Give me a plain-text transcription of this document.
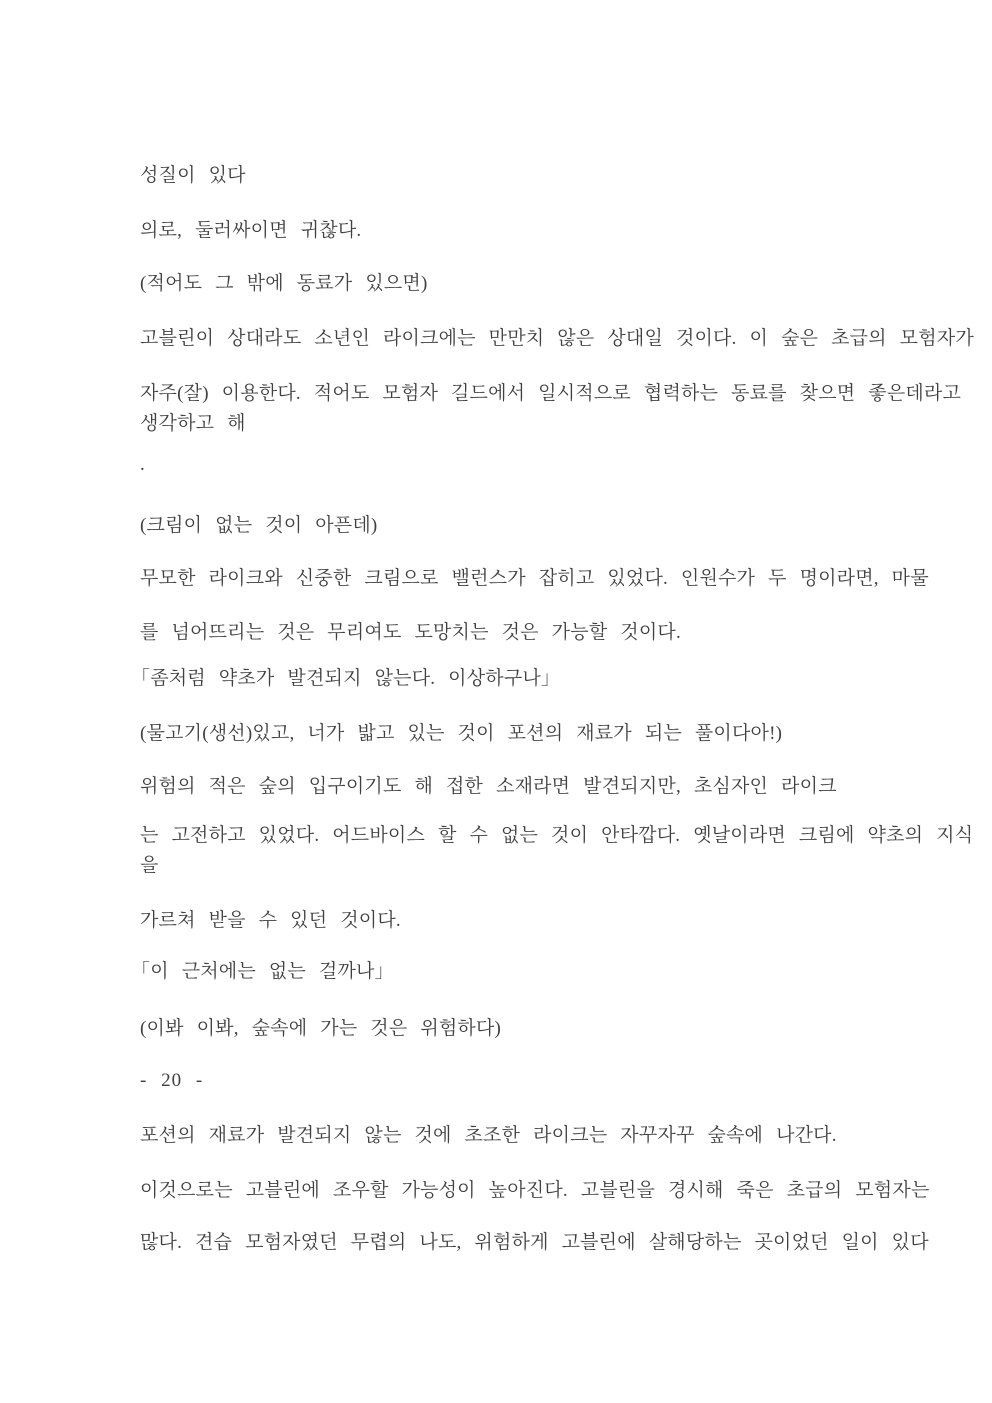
성질이 있다
의로, 둘러싸이면 귀찮다.
(적어도 그 밖에 동료가 있으면)
고블린이 상대라도 소년인 라이크에는 만만치 않은 상대일 것이다. 이 숲은 초급의 모험자가
자주(잘) 이용한다. 적어도 모험자 길드에서 일시적으로 협력하는 동료를 찾으면 좋은데라고
생각하고 해
.
(크림이 없는 것이 아픈데)
무모한 라이크와 신중한 크림으로 밸런스가 잡히고 있었다. 인원수가 두 명이라면, 마물
를 넘어뜨리는 것은 무리여도 도망치는 것은 가능할 것이다.
「좀처럼 약초가 발견되지 않는다. 이상하구나」
(물고기(생선)있고, 너가 밟고 있는 것이 포션의 재료가 되는 풀이다아!)
위험의 적은 숲의 입구이기도 해 접한 소재라면 발견되지만, 초심자인 라이크
는 고전하고 있었다. 어드바이스 할 수 없는 것이 안타깝다. 옛날이라면 크림에 약초의 지식
을
가르쳐 받을 수 있던 것이다.
「이 근처에는 없는 걸까나」
(이봐 이봐, 숲속에 가는 것은 위험하다)
- 20 -
포션의 재료가 발견되지 않는 것에 초조한 라이크는 자꾸자꾸 숲속에 나간다.
이것으로는 고블린에 조우할 가능성이 높아진다. 고블린을 경시해 죽은 초급의 모험자는
많다. 견습 모험자였던 무렵의 나도, 위험하게 고블린에 살해당하는 곳이었던 일이 있다
